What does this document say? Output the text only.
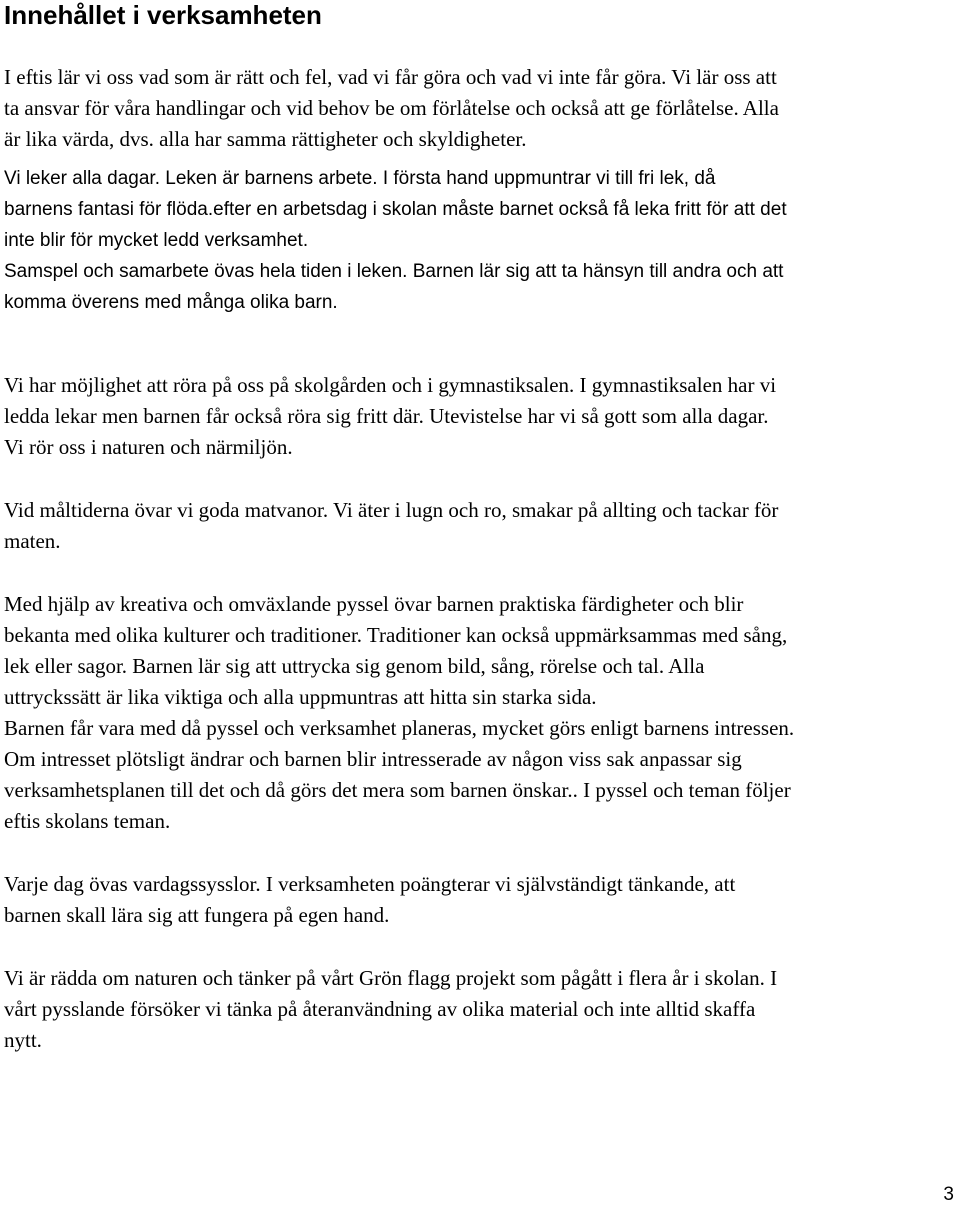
Innehållet i verksamheten

I eftis lär vi oss vad som är rätt och fel, vad vi får göra och vad vi inte får göra. Vi lär oss att

ta ansvar för våra handlingar och vid behov be om förlåtelse och också att ge förlåtelse. Alla

är lika värda, dvs. alla har samma rättigheter och skyldigheter.

Vi leker alla dagar. Leken är barnens arbete. I första hand uppmuntrar vi till fri lek, då

barnens fantasi för flöda.efter en arbetsdag i skolan måste barnet också få leka fritt för att det

inte blir för mycket ledd verksamhet.

Samspel och samarbete övas hela tiden i leken. Barnen lär sig att ta hänsyn till andra och att

komma överens med många olika barn.

Vi har möjlighet att röra på oss på skolgården och i gymnastiksalen. I gymnastiksalen har vi

ledda lekar men barnen får också röra sig fritt där. Utevistelse har vi så gott som alla dagar.

Vi rör oss i naturen och närmiljön.

Vid måltiderna övar vi goda matvanor. Vi äter i lugn och ro, smakar på allting och tackar för

maten.

Med hjälp av kreativa och omväxlande pyssel övar barnen praktiska färdigheter och blir

bekanta med olika kulturer och traditioner. Traditioner kan också uppmärksammas med sång,

lek eller sagor. Barnen lär sig att uttrycka sig genom bild, sång, rörelse och tal. Alla

uttryckssätt är lika viktiga och alla uppmuntras att hitta sin starka sida.

Barnen får vara med då pyssel och verksamhet planeras, mycket görs enligt barnens intressen.

Om intresset plötsligt ändrar och barnen blir intresserade av någon viss sak anpassar sig

verksamhetsplanen till det och då görs det mera som barnen önskar.. I pyssel och teman följer

eftis skolans teman.

Varje dag övas vardagssysslor. I verksamheten poängterar vi självständigt tänkande, att

barnen skall lära sig att fungera på egen hand.

Vi är rädda om naturen och tänker på vårt Grön flagg projekt som pågått i flera år i skolan. I

vårt pysslande försöker vi tänka på återanvändning av olika material och inte alltid skaffa

nytt.

3
